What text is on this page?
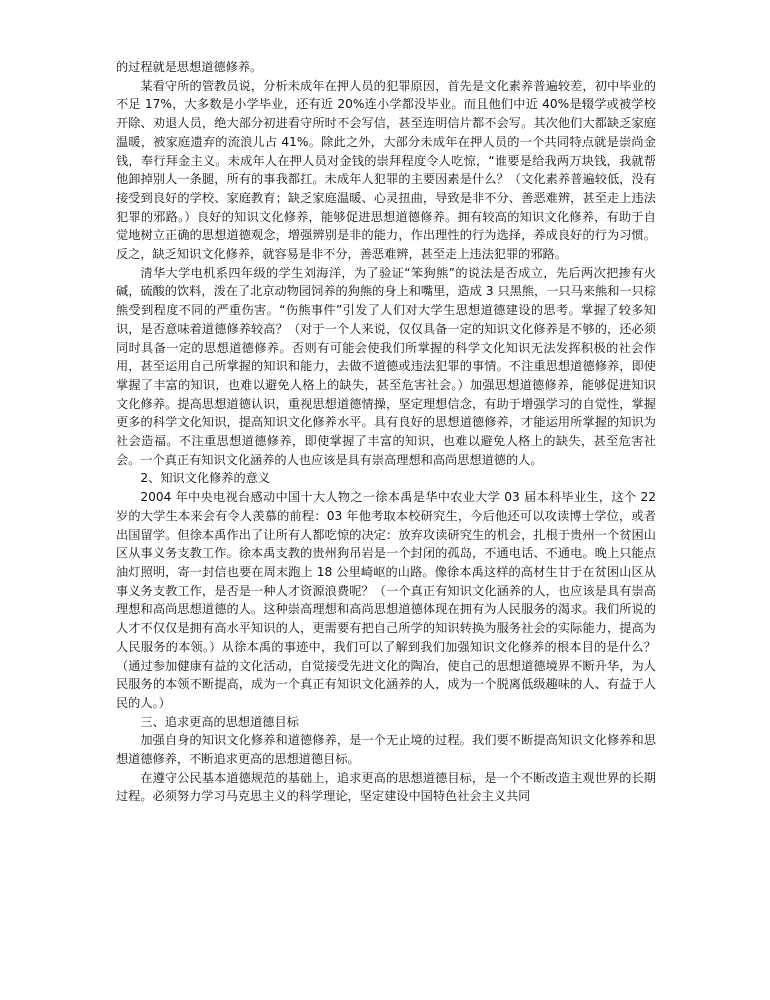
的过程就是思想道德修养。

某看守所的管教员说，分析未成年在押人员的犯罪原因，首先是文化素养普遍较差，初中毕业的不足 17%，大多数是小学毕业，还有近 20%连小学都没毕业。而且他们中近 40%是辍学或被学校开除、劝退人员，绝大部分初进看守所时不会写信，甚至连明信片都不会写。其次他们大都缺乏家庭温暖，被家庭遗弃的流浪儿占 41%。除此之外，大部分未成年在押人员的一个共同特点就是崇尚金钱，奉行拜金主义。未成年人在押人员对金钱的崇拜程度令人吃惊，“谁要是给我两万块钱，我就帮他卸掉别人一条腿，所有的事我都扛。未成年人犯罪的主要因素是什么？（文化素养普遍较低，没有接受到良好的学校、家庭教育；缺乏家庭温暖、心灵扭曲，导致是非不分、善恶难辨，甚至走上违法犯罪的邪路。）良好的知识文化修养，能够促进思想道德修养。拥有较高的知识文化修养，有助于自觉地树立正确的思想道德观念，增强辨别是非的能力，作出理性的行为选择，养成良好的行为习惯。反之，缺乏知识文化修养，就容易是非不分，善恶难辨，甚至走上违法犯罪的邪路。

清华大学电机系四年级的学生刘海洋，为了验证“笨狗熊”的说法是否成立，先后两次把掺有火碱，硫酸的饮料，泼在了北京动物园饲养的狗熊的身上和嘴里，造成 3 只黑熊，一只马来熊和一只棕熊受到程度不同的严重伤害。“伤熊事件”引发了人们对大学生思想道德建设的思考。掌握了较多知识，是否意味着道德修养较高？（对于一个人来说，仅仅具备一定的知识文化修养是不够的，还必须同时具备一定的思想道德修养。否则有可能会使我们所掌握的科学文化知识无法发挥积极的社会作用，甚至运用自己所掌握的知识和能力，去做不道德或违法犯罪的事情。不注重思想道德修养，即使掌握了丰富的知识，也难以避免人格上的缺失，甚至危害社会。）加强思想道德修养，能够促进知识文化修养。提高思想道德认识，重视思想道德情操，坚定理想信念，有助于增强学习的自觉性，掌握更多的科学文化知识，提高知识文化修养水平。具有良好的思想道德修养，才能运用所掌握的知识为社会造福。不注重思想道德修养，即使掌握了丰富的知识，也难以避免人格上的缺失，甚至危害社会。一个真正有知识文化涵养的人也应该是具有崇高理想和高尚思想道德的人。

2、知识文化修养的意义

2004 年中央电视台感动中国十大人物之一徐本禹是华中农业大学 03 届本科毕业生，这个 22 岁的大学生本来会有令人羡慕的前程：03 年他考取本校研究生，今后他还可以攻读博士学位，或者出国留学。但徐本禹作出了让所有人都吃惊的决定：放弃攻读研究生的机会，扎根于贵州一个贫困山区从事义务支教工作。徐本禹支教的贵州狗吊岩是一个封闭的孤岛，不通电话、不通电。晚上只能点油灯照明，寄一封信也要在周末跑上 18 公里崎岖的山路。像徐本禹这样的高材生甘于在贫困山区从事义务支教工作，是否是一种人才资源浪费呢？（一个真正有知识文化涵养的人，也应该是具有崇高理想和高尚思想道德的人。这种崇高理想和高尚思想道德体现在拥有为人民服务的渴求。我们所说的人才不仅仅是拥有高水平知识的人，更需要有把自己所学的知识转换为服务社会的实际能力，提高为人民服务的本领。）从徐本禹的事迹中，我们可以了解到我们加强知识文化修养的根本目的是什么？（通过参加健康有益的文化活动，自觉接受先进文化的陶冶，使自己的思想道德境界不断升华，为人民服务的本领不断提高，成为一个真正有知识文化涵养的人，成为一个脱离低级趣味的人、有益于人民的人。）

三、追求更高的思想道德目标

加强自身的知识文化修养和道德修养，是一个无止境的过程。我们要不断提高知识文化修养和思想道德修养，不断追求更高的思想道德目标。

在遵守公民基本道德规范的基础上，追求更高的思想道德目标，是一个不断改造主观世界的长期过程。必须努力学习马克思主义的科学理论，坚定建设中国特色社会主义共同
